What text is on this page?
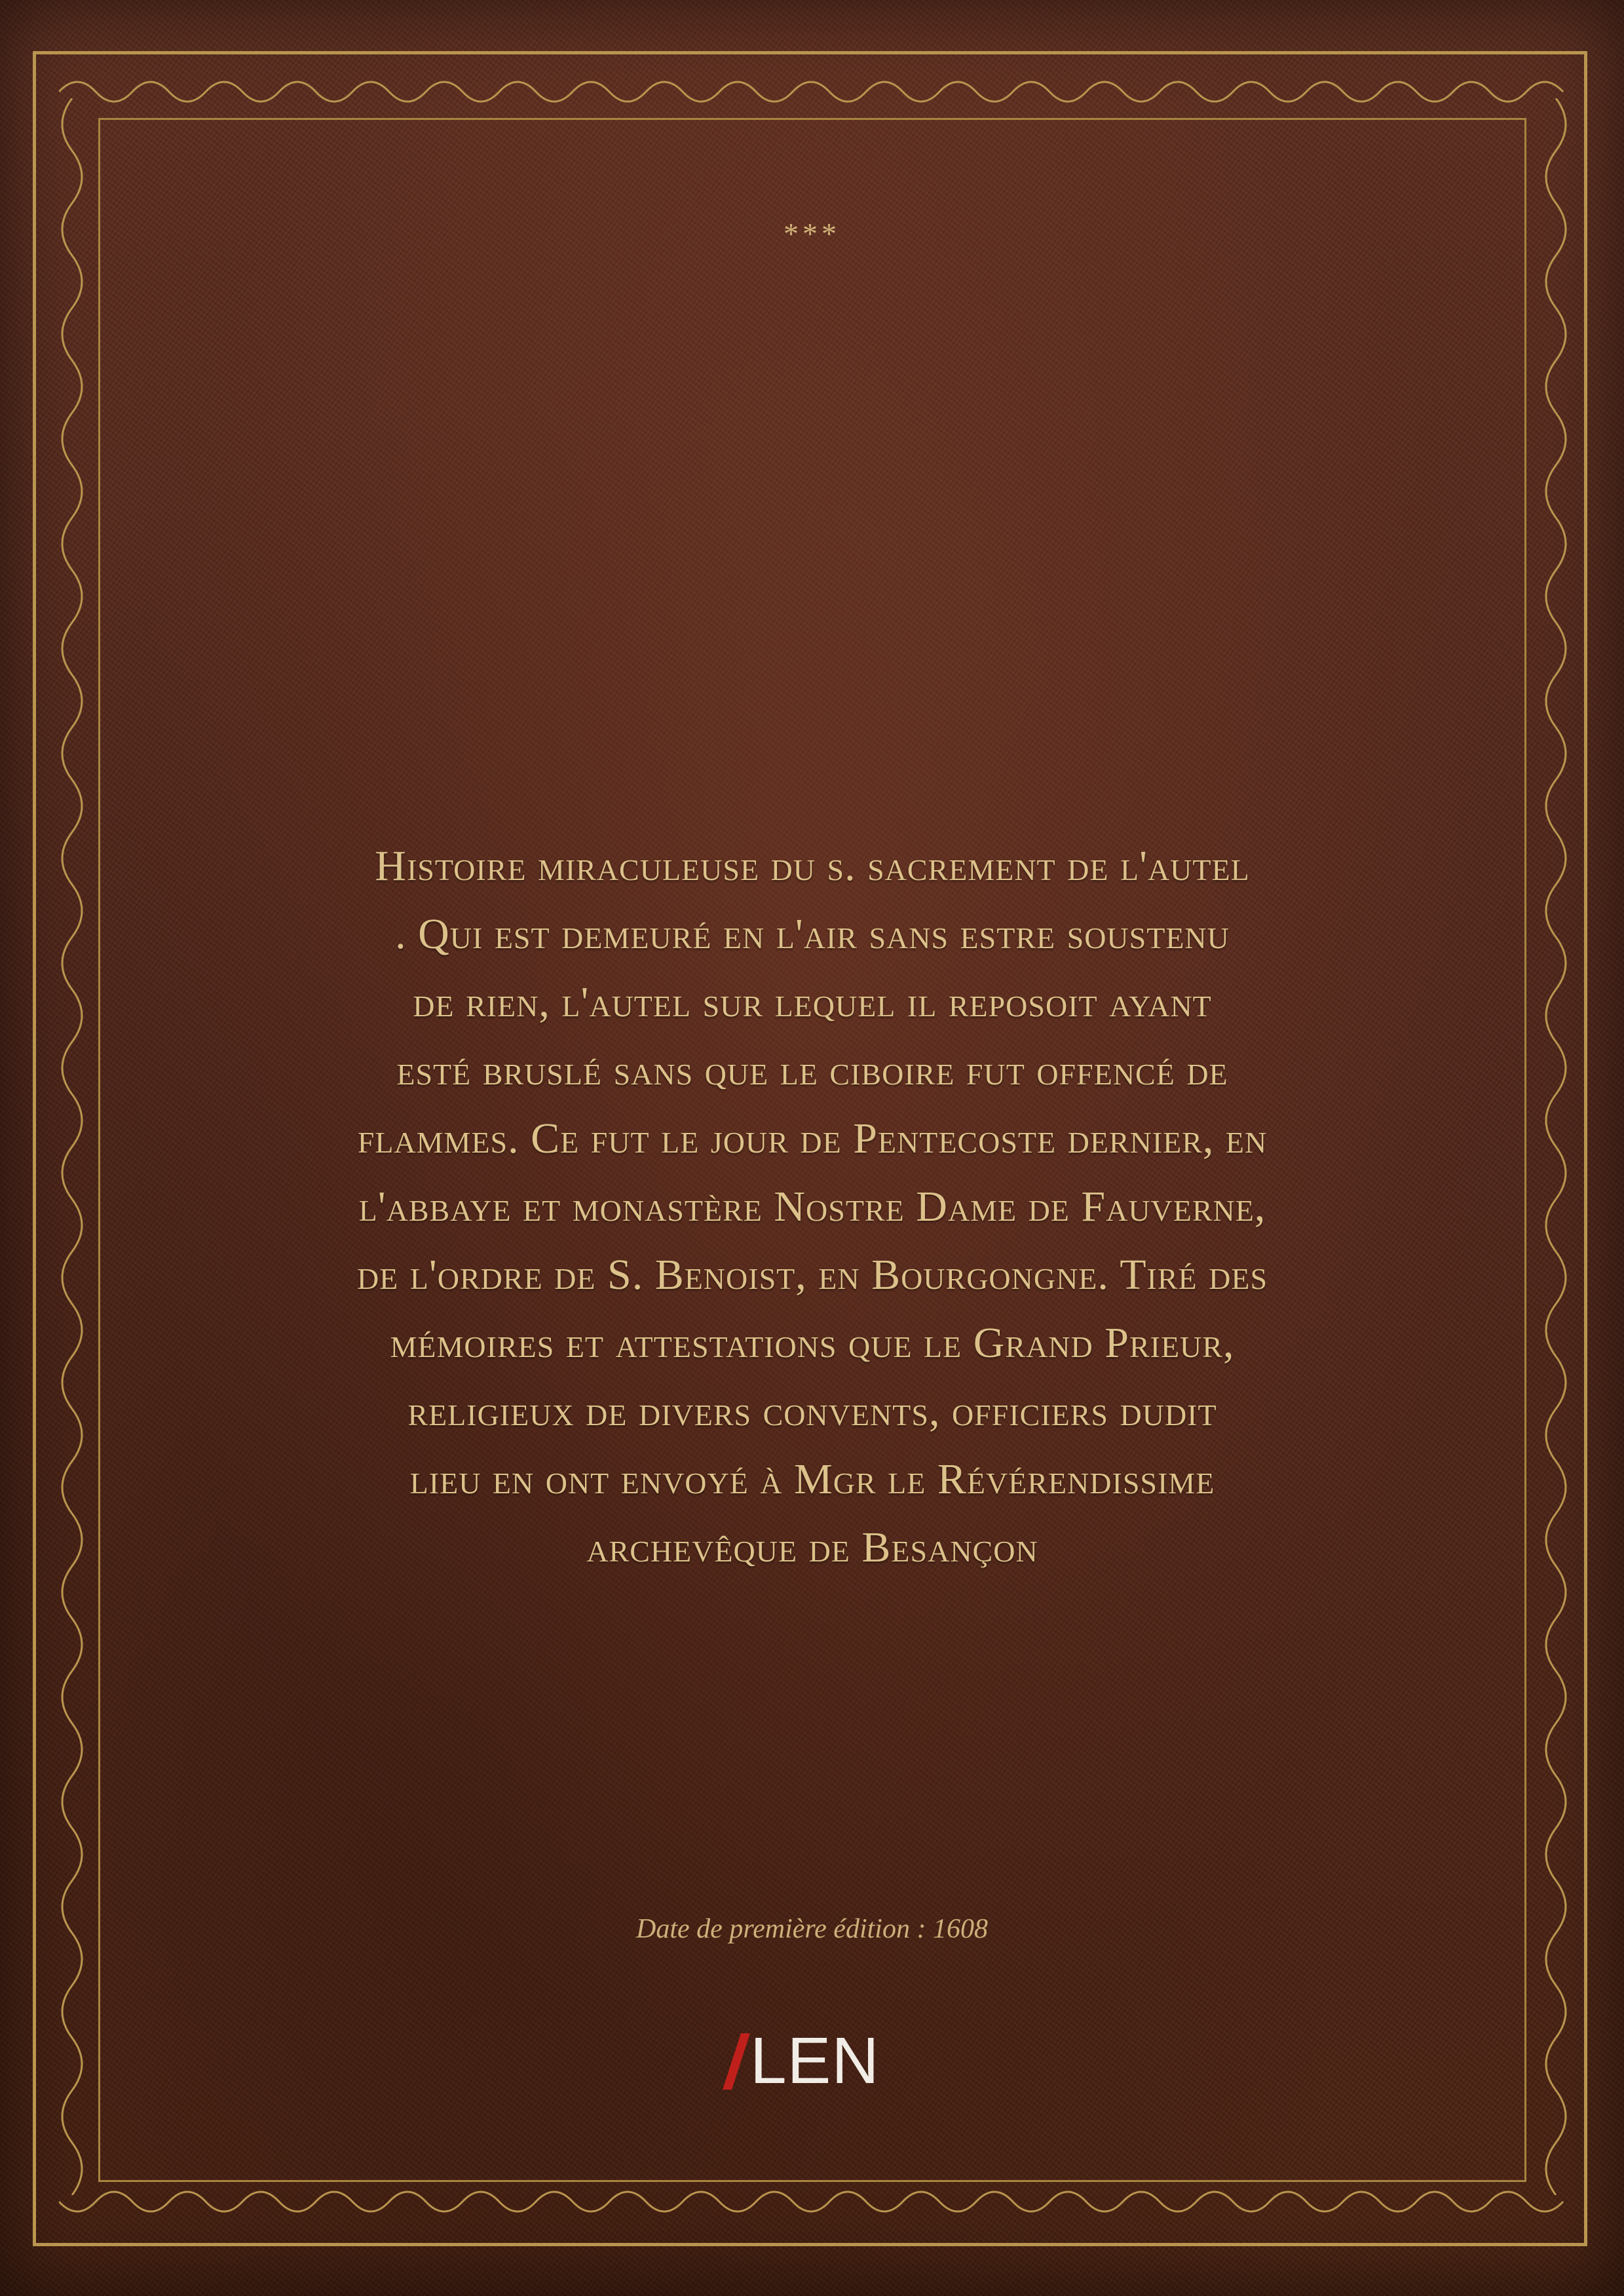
***
Histoire miraculeuse du s. sacrement de l'autel
. Qui est demeuré en l'air sans estre soustenu
de rien, l'autel sur lequel il reposoit ayant
esté bruslé sans que le ciboire fut offencé de
flammes. Ce fut le jour de Pentecoste dernier, en
l'abbaye et monastère Nostre Dame de Fauverne,
de l'ordre de S. Benoist, en Bourgongne. Tiré des
mémoires et attestations que le Grand Prieur,
religieux de divers convents, officiers dudit
lieu en ont envoyé à Mgr le Révérendissime
archevêque de Besançon
Date de première édition : 1608
LEN
